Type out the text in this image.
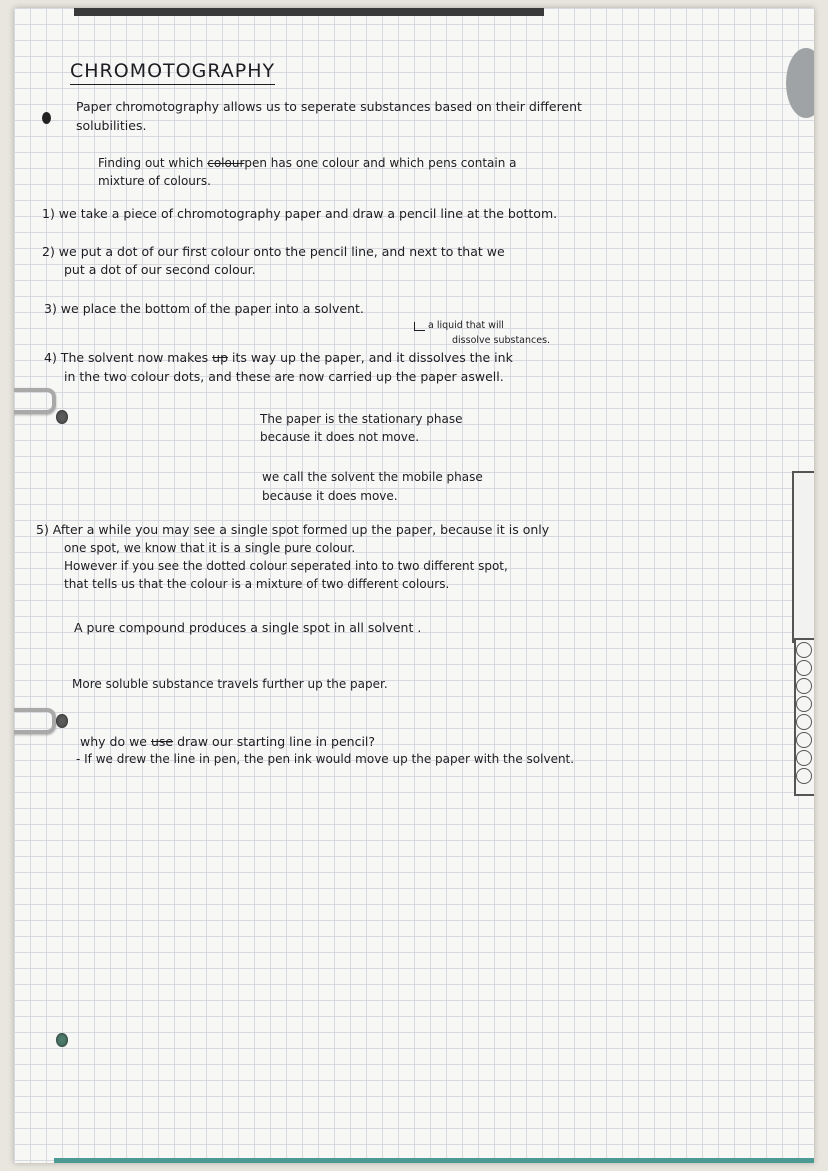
CHROMOTOGRAPHY
Paper chromotography allows us to seperate substances based on their different
solubilities.
Finding out which colourpen has one colour and which pens contain a
mixture of colours.
1) we take a piece of chromotography paper and draw a pencil line at the bottom.
2) we put a dot of our first colour onto the pencil line, and next to that we
put a dot of our second colour.
3) we place the bottom of the paper into a solvent.
a liquid that will
dissolve substances.
4) The solvent now makes up its way up the paper, and it dissolves the ink
in the two colour dots, and these are now carried up the paper aswell.
The paper is the stationary phase
because it does not move.
we call the solvent the mobile phase
because it does move.
5) After a while you may see a single spot formed up the paper, because it is only
one spot, we know that it is a single pure colour.
However if you see the dotted colour seperated into to two different spot,
that tells us that the colour is a mixture of two different colours.
A pure compound produces a single spot in all solvent .
More soluble substance travels further up the paper.
why do we use draw our starting line in pencil?
- If we drew the line in pen, the pen ink would move up the paper with the solvent.
